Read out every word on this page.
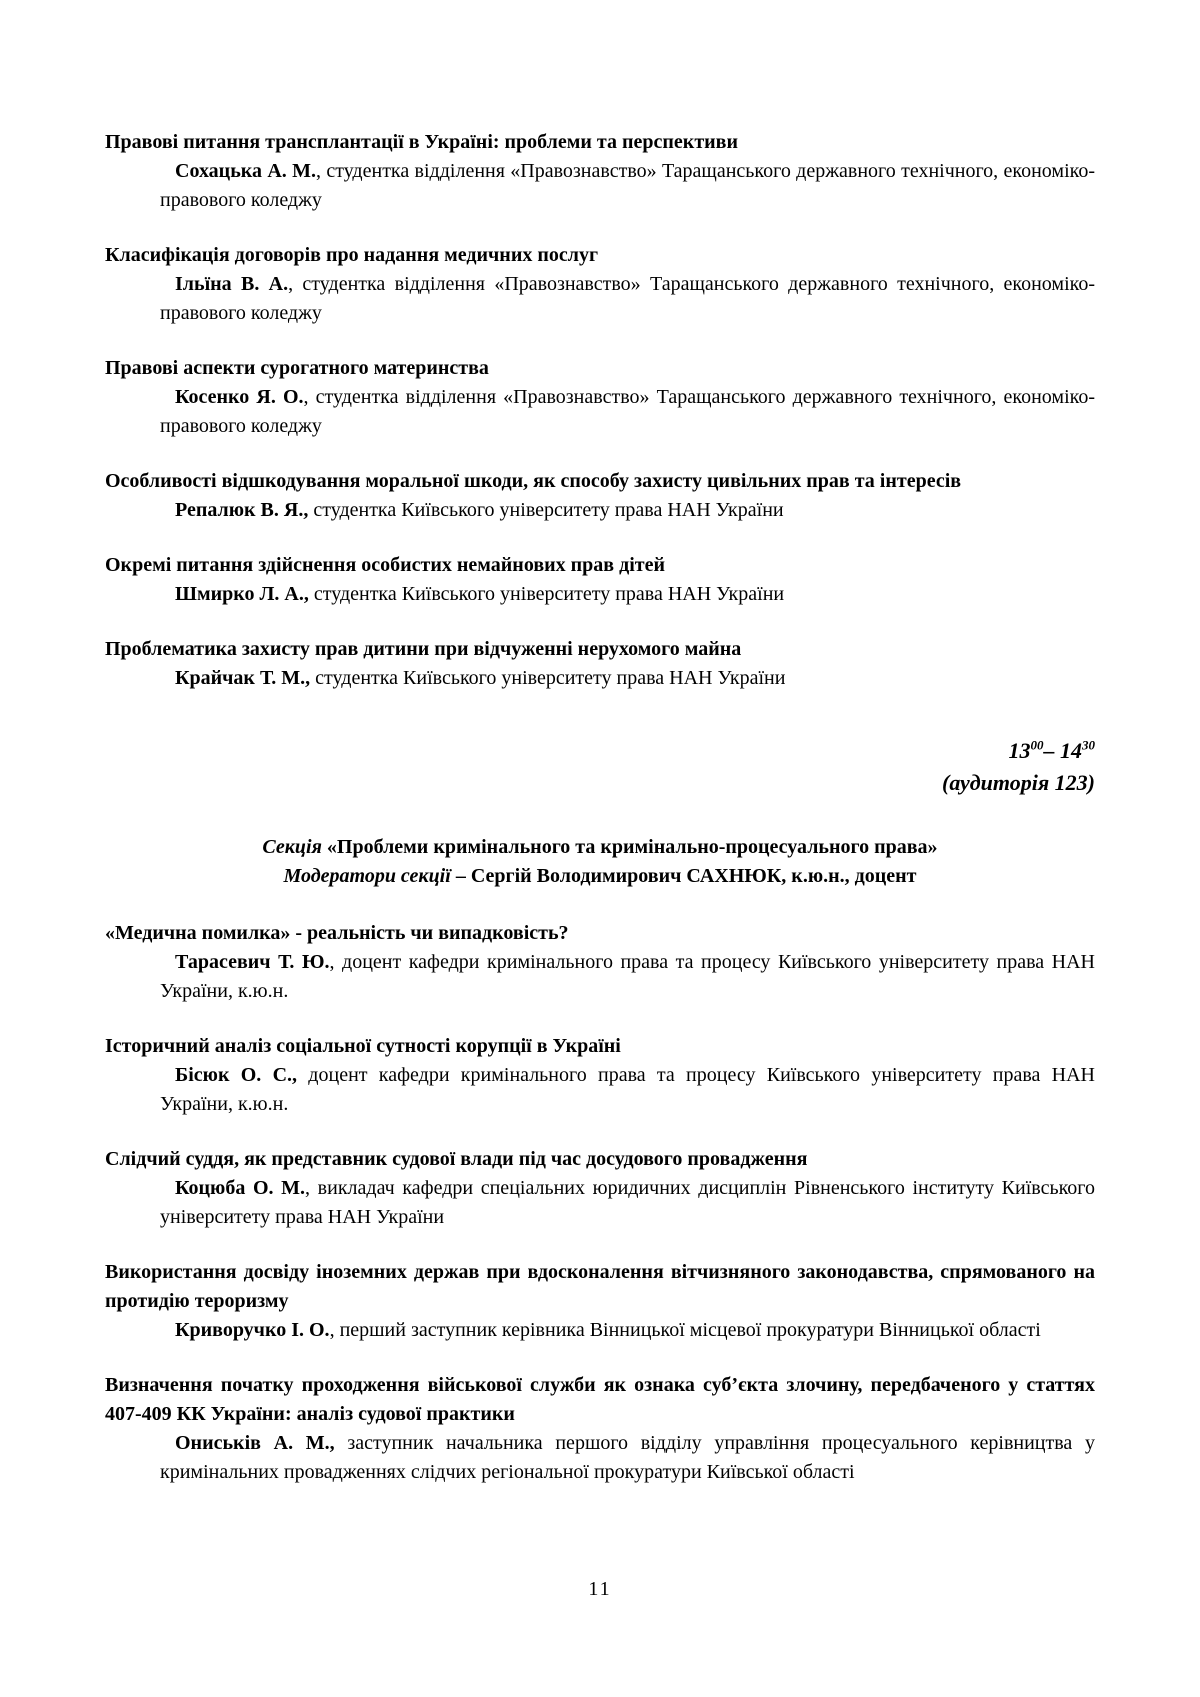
Правові питання трансплантації в Україні: проблеми та перспективи

Сохацька А. М., студентка відділення «Правознавство» Таращанського державного технічного, економіко-правового коледжу

Класифікація договорів про надання медичних послуг

Ільїна В. А., студентка відділення «Правознавство» Таращанського державного технічного, економіко-правового коледжу

Правові аспекти сурогатного материнства

Косенко Я. О., студентка відділення «Правознавство» Таращанського державного технічного, економіко-правового коледжу

Особливості відшкодування моральної шкоди, як способу захисту цивільних прав та інтересів

Репалюк В. Я., студентка Київського університету права НАН України

Окремі питання здійснення особистих немайнових прав дітей

Шмирко Л. А., студентка Київського університету права НАН України

Проблематика захисту прав дитини при відчуженні нерухомого майна

Крайчак Т. М., студентка Київського університету права НАН України

$13^{00}-$ $14^{30}$
(аудиторія 123)
Секція «Проблеми кримінального та кримінально-процесуального права»
Модератори секції – Сергій Володимирович САХНЮК, к.ю.н., доцент
«Медична помилка» - реальність чи випадковість?

Тарасевич Т. Ю., доцент кафедри кримінального права та процесу Київського університету права НАН України, к.ю.н.

Історичний аналіз соціальної сутності корупції в Україні

Бісюк О. С., доцент кафедри кримінального права та процесу Київського університету права НАН України, к.ю.н.

Слідчий суддя, як представник судової влади під час досудового провадження

Коцюба О. М., викладач кафедри спеціальних юридичних дисциплін Рівненського інституту Київського університету права НАН України

Використання досвіду іноземних держав при вдосконалення вітчизняного законодавства, спрямованого на протидію тероризму

Криворучко І. О., перший заступник керівника Вінницької місцевої прокуратури Вінницької області

Визначення початку проходження військової служби як ознака суб’єкта злочину, передбаченого у статтях 407-409 КК України: аналіз судової практики

Ониськів А. М., заступник начальника першого відділу управління процесуального керівництва у кримінальних провадженнях слідчих регіональної прокуратури Київської області

11
